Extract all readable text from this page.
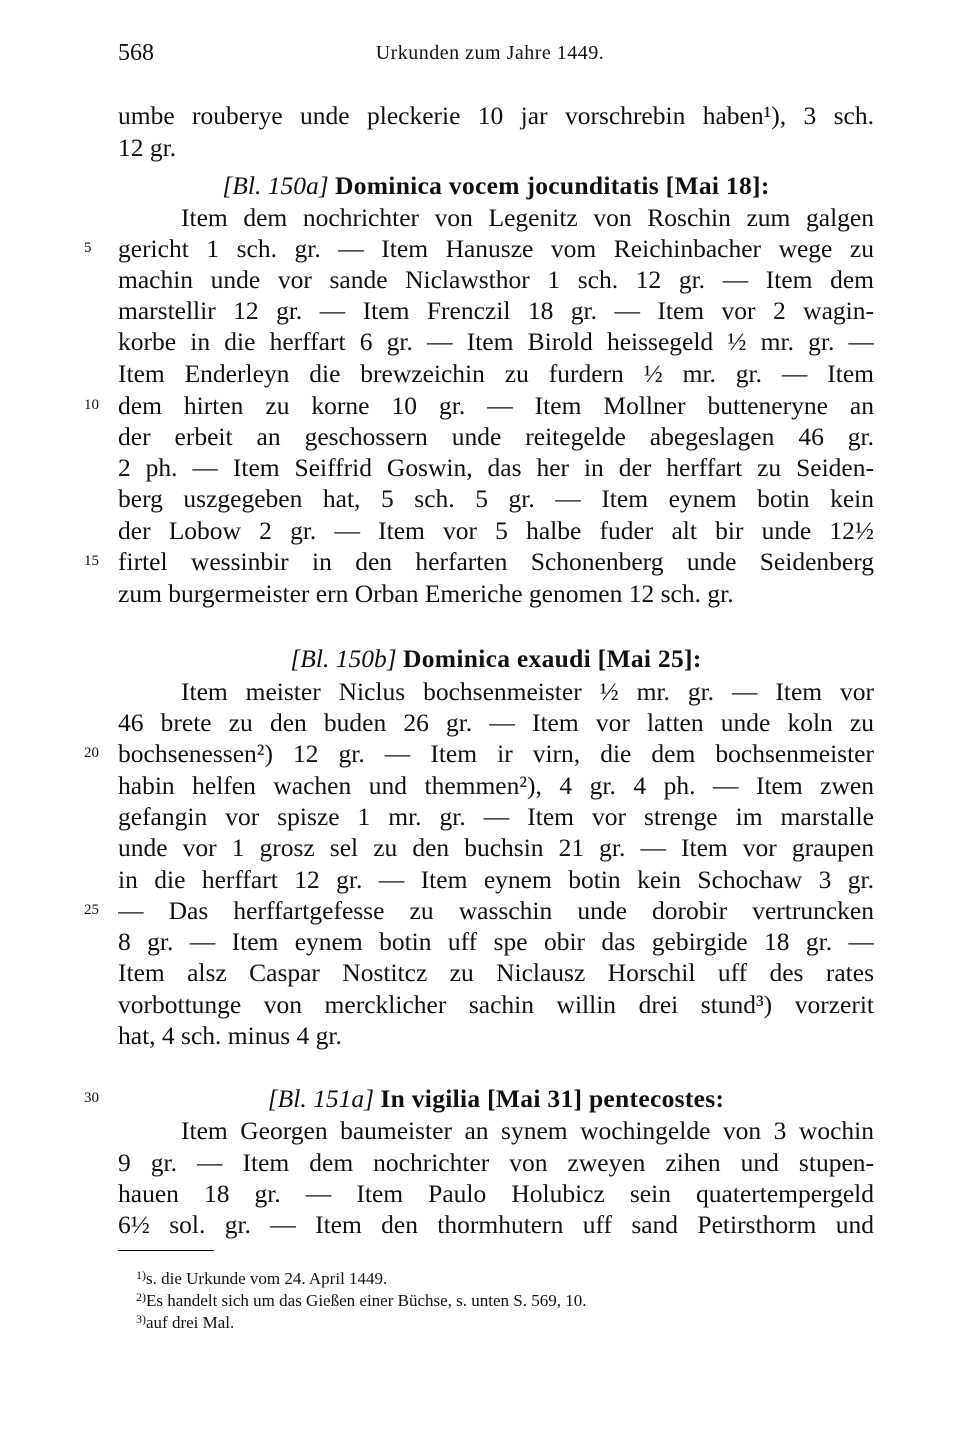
568	Urkunden zum Jahre 1449.
umbe rouberye unde pleckerie 10 jar vorschrebin haben¹), 3 sch.
12 gr.
[Bl. 150a] Dominica vocem jocunditatis [Mai 18]:
Item dem nochrichter von Legenitz von Roschin zum galgen
5	gericht 1 sch. gr. — Item Hanusze vom Reichinbacher wege zu
machin unde vor sande Niclawsthor 1 sch. 12 gr. — Item dem
marstellir 12 gr. — Item Frenczil 18 gr. — Item vor 2 wagin-
korbe in die herffart 6 gr. — Item Birold heissegeld ½ mr. gr. —
Item Enderleyn die brewzeichin zu furdern ½ mr. gr. — Item
10 dem hirten zu korne 10 gr. — Item Mollner butteneryne an
der erbeit an geschossern unde reitegelde abegeslagen 46 gr.
2 ph. — Item Seiffrid Goswin, das her in der herffart zu Seiden-
berg uszgegeben hat, 5 sch. 5 gr. — Item eynem botin kein
der Lobow 2 gr. — Item vor 5 halbe fuder alt bir unde 12½
15 firtel wessinbir in den herfarten Schonenberg unde Seidenberg
zum burgermeister ern Orban Emeriche genomen 12 sch. gr.
[Bl. 150b] Dominica exaudi [Mai 25]:
Item meister Niclus bochsenmeister ½ mr. gr. — Item vor
46 brete zu den buden 26 gr. — Item vor latten unde koln zu
20 bochsenessen²) 12 gr. — Item ir virn, die dem bochsenmeister
habin helfen wachen und themmen²), 4 gr. 4 ph. — Item zwen
gefangin vor spisze 1 mr. gr. — Item vor strenge im marstalle
unde vor 1 grosz sel zu den buchsin 21 gr. — Item vor graupen
in die herffart 12 gr. — Item eynem botin kein Schochaw 3 gr.
25 — Das herffartgefesse zu wasschin unde dorobir vertruncken
8 gr. — Item eynem botin uff spe obir das gebirgide 18 gr. —
Item alsz Caspar Nostitcz zu Niclausz Horschil uff des rates
vorbottunge von mercklicher sachin willin drei stund³) vorzerit
hat, 4 sch. minus 4 gr.
30	[Bl. 151a] In vigilia [Mai 31] pentecostes:
Item Georgen baumeister an synem wochingelde von 3 wochin
9 gr. — Item dem nochrichter von zweyen zihen und stupen-
hauen 18 gr. — Item Paulo Holubicz sein quatertempergeld
6½ sol. gr. — Item den thormhutern uff sand Petirsthorm und
1) s. die Urkunde vom 24. April 1449.
2) Es handelt sich um das Gießen einer Büchse, s. unten S. 569, 10.
3) auf drei Mal.
